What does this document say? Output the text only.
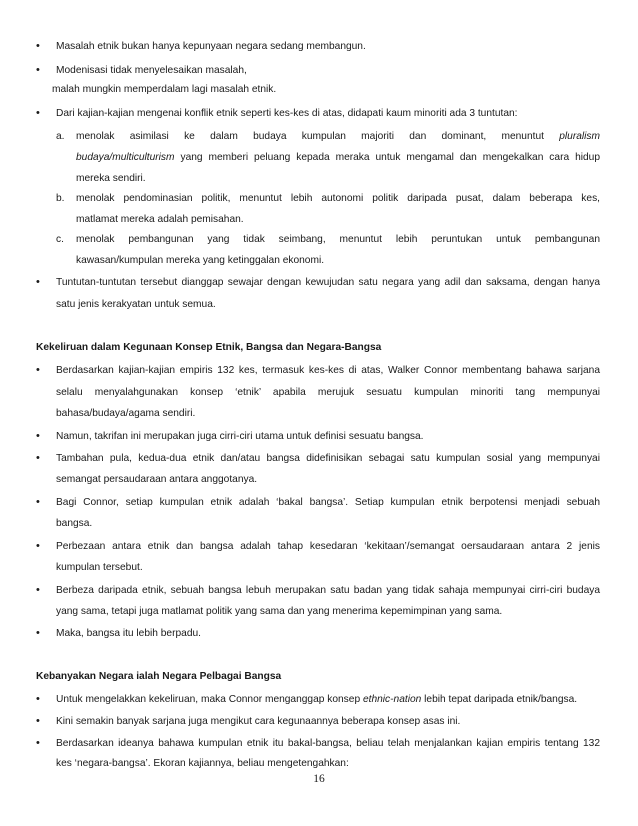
• Masalah etnik bukan hanya kepunyaan negara sedang membangun.
• Modenisasi tidak menyelesaikan masalah,
malah mungkin memperdalam lagi masalah etnik.
• Dari kajian-kajian mengenai konflik etnik seperti kes-kes di atas, didapati kaum minoriti ada 3 tuntutan:
a. menolak asimilasi ke dalam budaya kumpulan majoriti dan dominant, menuntut pluralism
budaya/multiculturism yang memberi peluang kepada meraka untuk mengamal dan mengekalkan cara hidup
mereka sendiri.
b. menolak pendominasian politik, menuntut lebih autonomi politik daripada pusat, dalam beberapa kes,
matlamat mereka adalah pemisahan.
c. menolak pembangunan yang tidak seimbang, menuntut lebih peruntukan untuk pembangunan
kawasan/kumpulan mereka yang ketinggalan ekonomi.
• Tuntutan-tuntutan tersebut dianggap sewajar dengan kewujudan satu negara yang adil dan saksama, dengan hanya
satu jenis kerakyatan untuk semua.
Kekeliruan dalam Kegunaan Konsep Etnik, Bangsa dan Negara-Bangsa
• Berdasarkan kajian-kajian empiris 132 kes, termasuk kes-kes di atas, Walker Connor membentang bahawa sarjana
selalu menyalahgunakan konsep ‘etnik’ apabila merujuk sesuatu kumpulan minoriti tang mempunyai
bahasa/budaya/agama sendiri.
• Namun, takrifan ini merupakan juga cirri-ciri utama untuk definisi sesuatu bangsa.
• Tambahan pula, kedua-dua etnik dan/atau bangsa didefinisikan sebagai satu kumpulan sosial yang mempunyai
semangat persaudaraan antara anggotanya.
• Bagi Connor, setiap kumpulan etnik adalah ‘bakal bangsa’. Setiap kumpulan etnik berpotensi menjadi sebuah
bangsa.
• Perbezaan antara etnik dan bangsa adalah tahap kesedaran ‘kekitaan’/semangat oersaudaraan antara 2 jenis
kumpulan tersebut.
• Berbeza daripada etnik, sebuah bangsa lebuh merupakan satu badan yang tidak sahaja mempunyai cirri-ciri budaya
yang sama, tetapi juga matlamat politik yang sama dan yang menerima kepemimpinan yang sama.
• Maka, bangsa itu lebih berpadu.
Kebanyakan Negara ialah Negara Pelbagai Bangsa
• Untuk mengelakkan kekeliruan, maka Connor menganggap konsep ethnic-nation lebih tepat daripada etnik/bangsa.
• Kini semakin banyak sarjana juga mengikut cara kegunaannya beberapa konsep asas ini.
• Berdasarkan ideanya bahawa kumpulan etnik itu bakal-bangsa, beliau telah menjalankan kajian empiris tentang 132
kes ‘negara-bangsa’. Ekoran kajiannya, beliau mengetengahkan:
16
